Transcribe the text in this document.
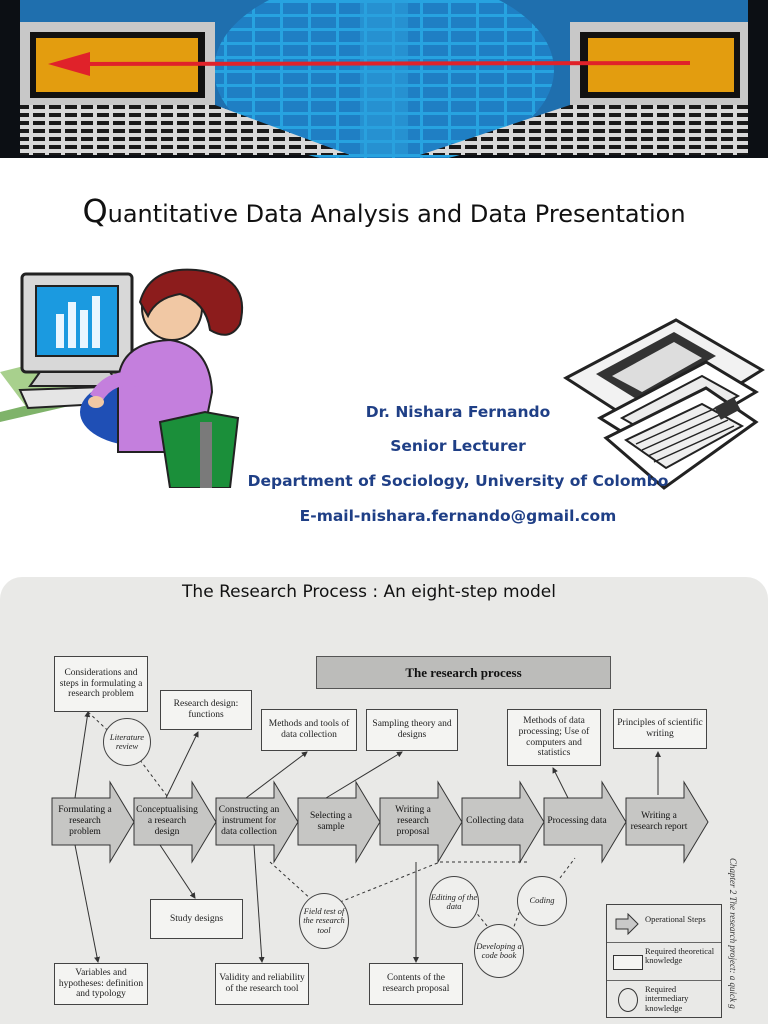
Quantitative Data Analysis and Data Presentation
Dr. Nishara Fernando
Senior Lecturer
Department of Sociology, University of Colombo
E-mail-nishara.fernando@gmail.com
The Research Process : An eight-step model
The research process
Formulating a research problem
Conceptualising a research design
Constructing an instrument for data collection
Selecting a sample
Writing a research proposal
Collecting data Processing data
Writing a research report
Considerations and steps in formulating a research problem
Research design: functions
Methods and tools of data collection
Sampling theory and designs
Methods of data processing; Use of computers and statistics
Principles of scientific writing
Study designs
Variables and hypotheses: definition and typology
Validity and reliability of the research tool
Contents of the research proposal
Literature review
Field test of the research tool
Editing of the data
Coding
Developing a code book
Operational Steps
Required theoretical knowledge
Required intermediary knowledge	Chapter 2 The research project: a quick g
